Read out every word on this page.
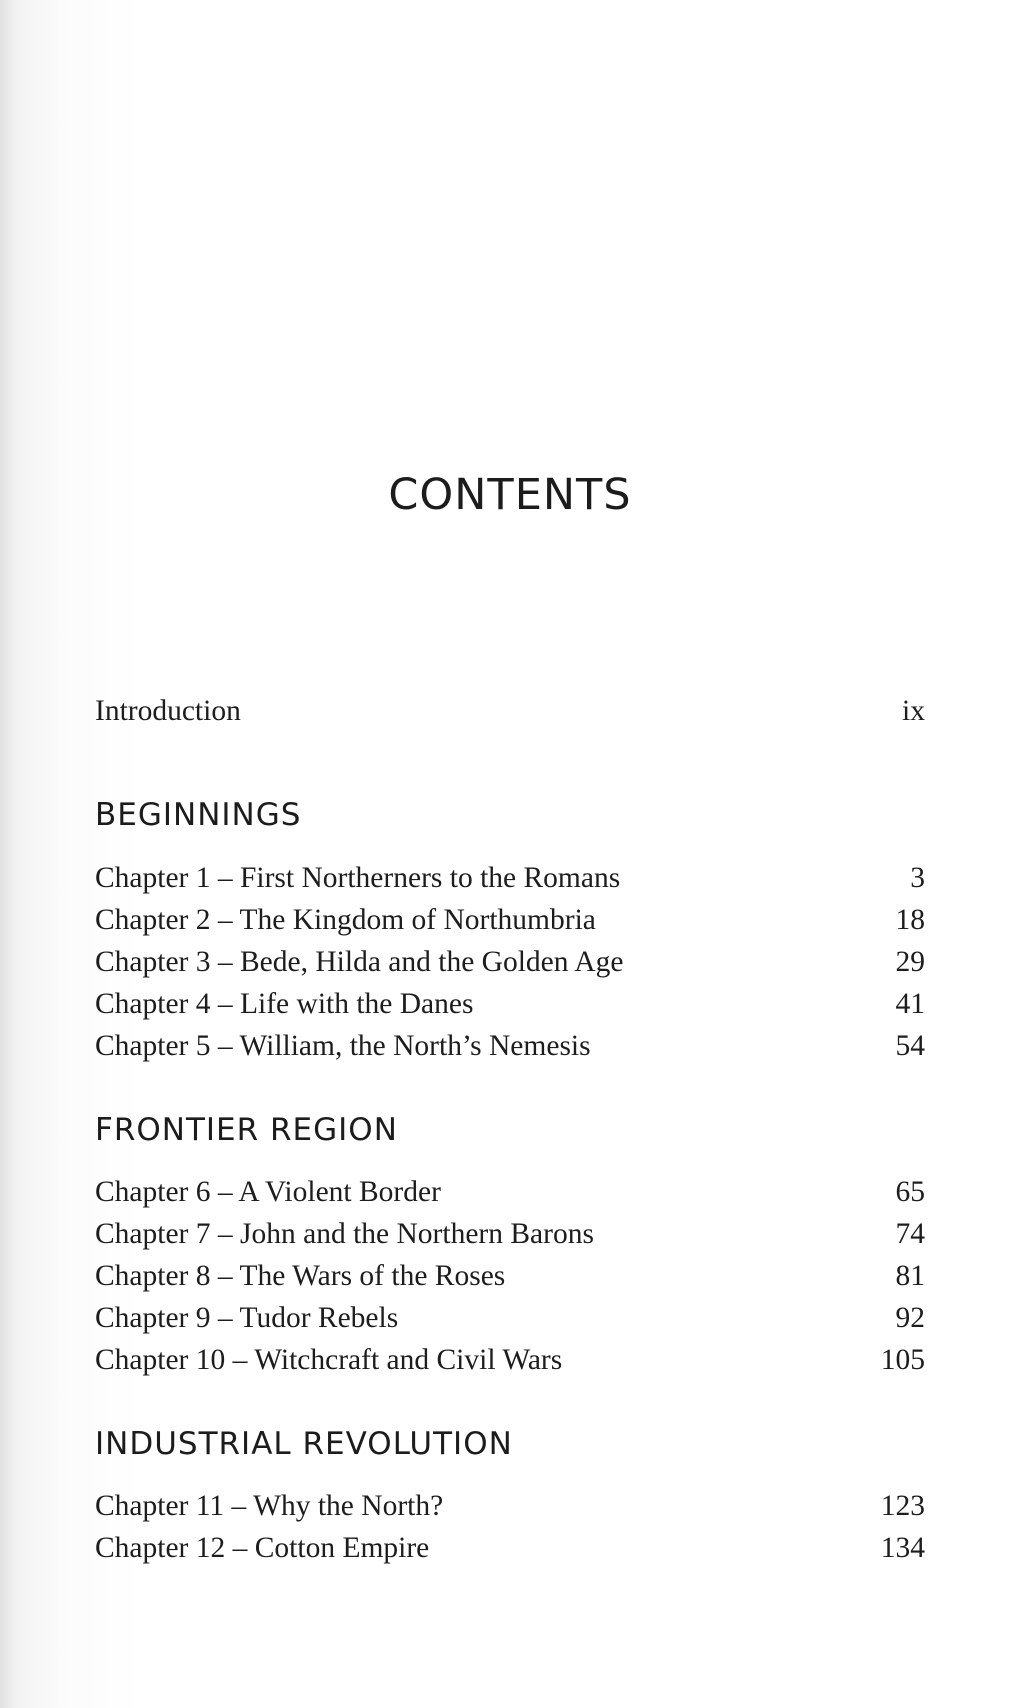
CONTENTS
Introduction	ix
BEGINNINGS
Chapter 1 – First Northerners to the Romans	3
Chapter 2 – The Kingdom of Northumbria	18
Chapter 3 – Bede, Hilda and the Golden Age	29
Chapter 4 – Life with the Danes	41
Chapter 5 – William, the North’s Nemesis	54
FRONTIER REGION
Chapter 6 – A Violent Border	65
Chapter 7 – John and the Northern Barons	74
Chapter 8 – The Wars of the Roses	81
Chapter 9 – Tudor Rebels	92
Chapter 10 – Witchcraft and Civil Wars	105
INDUSTRIAL REVOLUTION
Chapter 11 – Why the North?	123
Chapter 12 – Cotton Empire	134
